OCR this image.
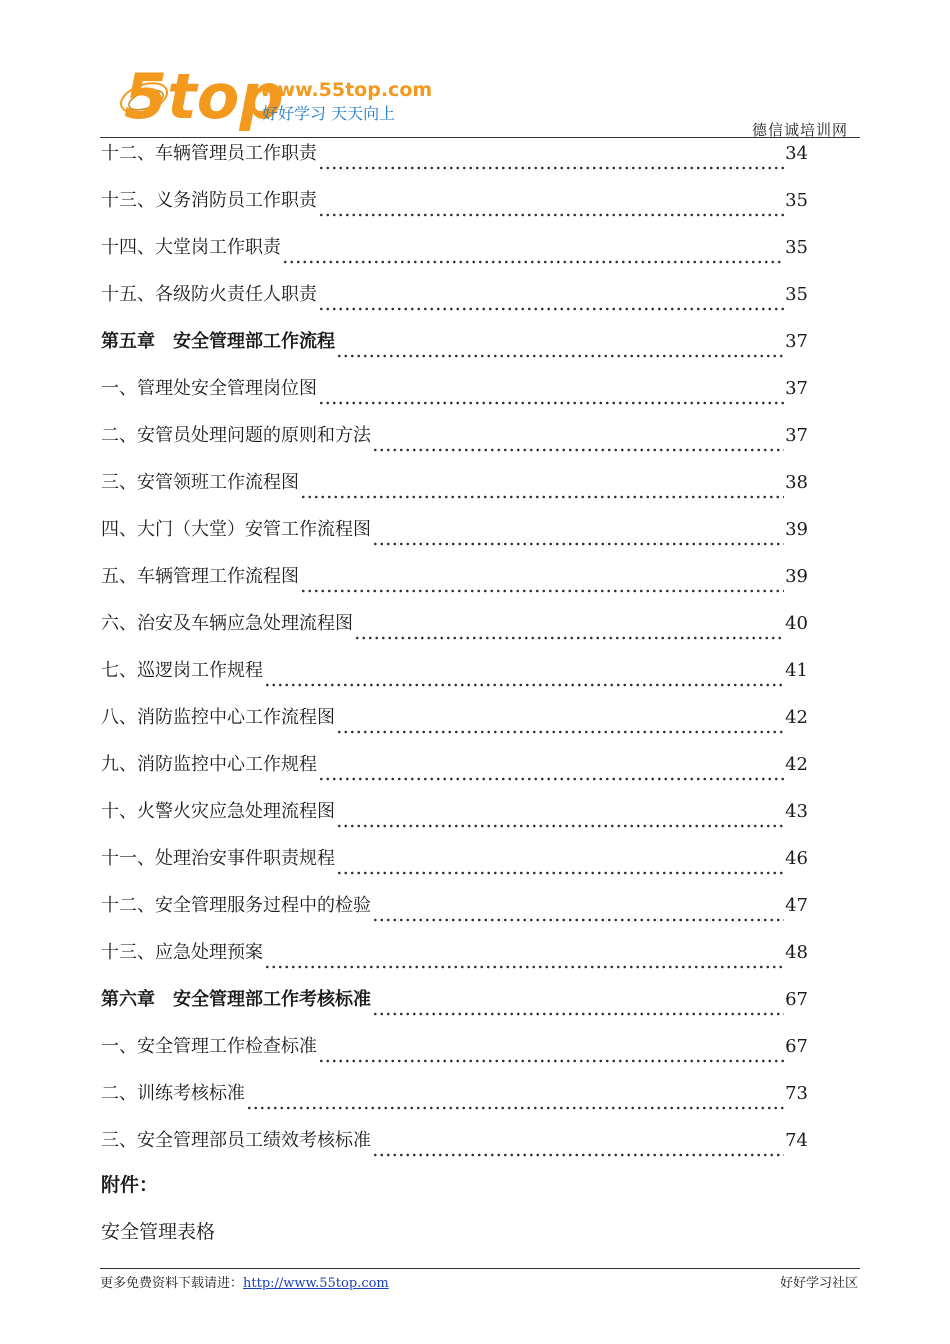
5top
www.55top.com
好好学习 天天向上
德信诚培训网
十二、车辆管理员工作职责	34
十三、义务消防员工作职责	35
十四、大堂岗工作职责	35
十五、各级防火责任人职责	35
第五章　安全管理部工作流程	37
一、管理处安全管理岗位图	37
二、安管员处理问题的原则和方法	37
三、安管领班工作流程图	38
四、大门（大堂）安管工作流程图	39
五、车辆管理工作流程图	39
六、治安及车辆应急处理流程图	40
七、巡逻岗工作规程	41
八、消防监控中心工作流程图	42
九、消防监控中心工作规程	42
十、火警火灾应急处理流程图	43
十一、处理治安事件职责规程	46
十二、安全管理服务过程中的检验	47
十三、应急处理预案	48
第六章　安全管理部工作考核标准	67
一、安全管理工作检查标准	67
二、训练考核标准	73
三、安全管理部员工绩效考核标准	74
附件：
安全管理表格
更多免费资料下载请进：http://www.55top.com	好好学习社区
